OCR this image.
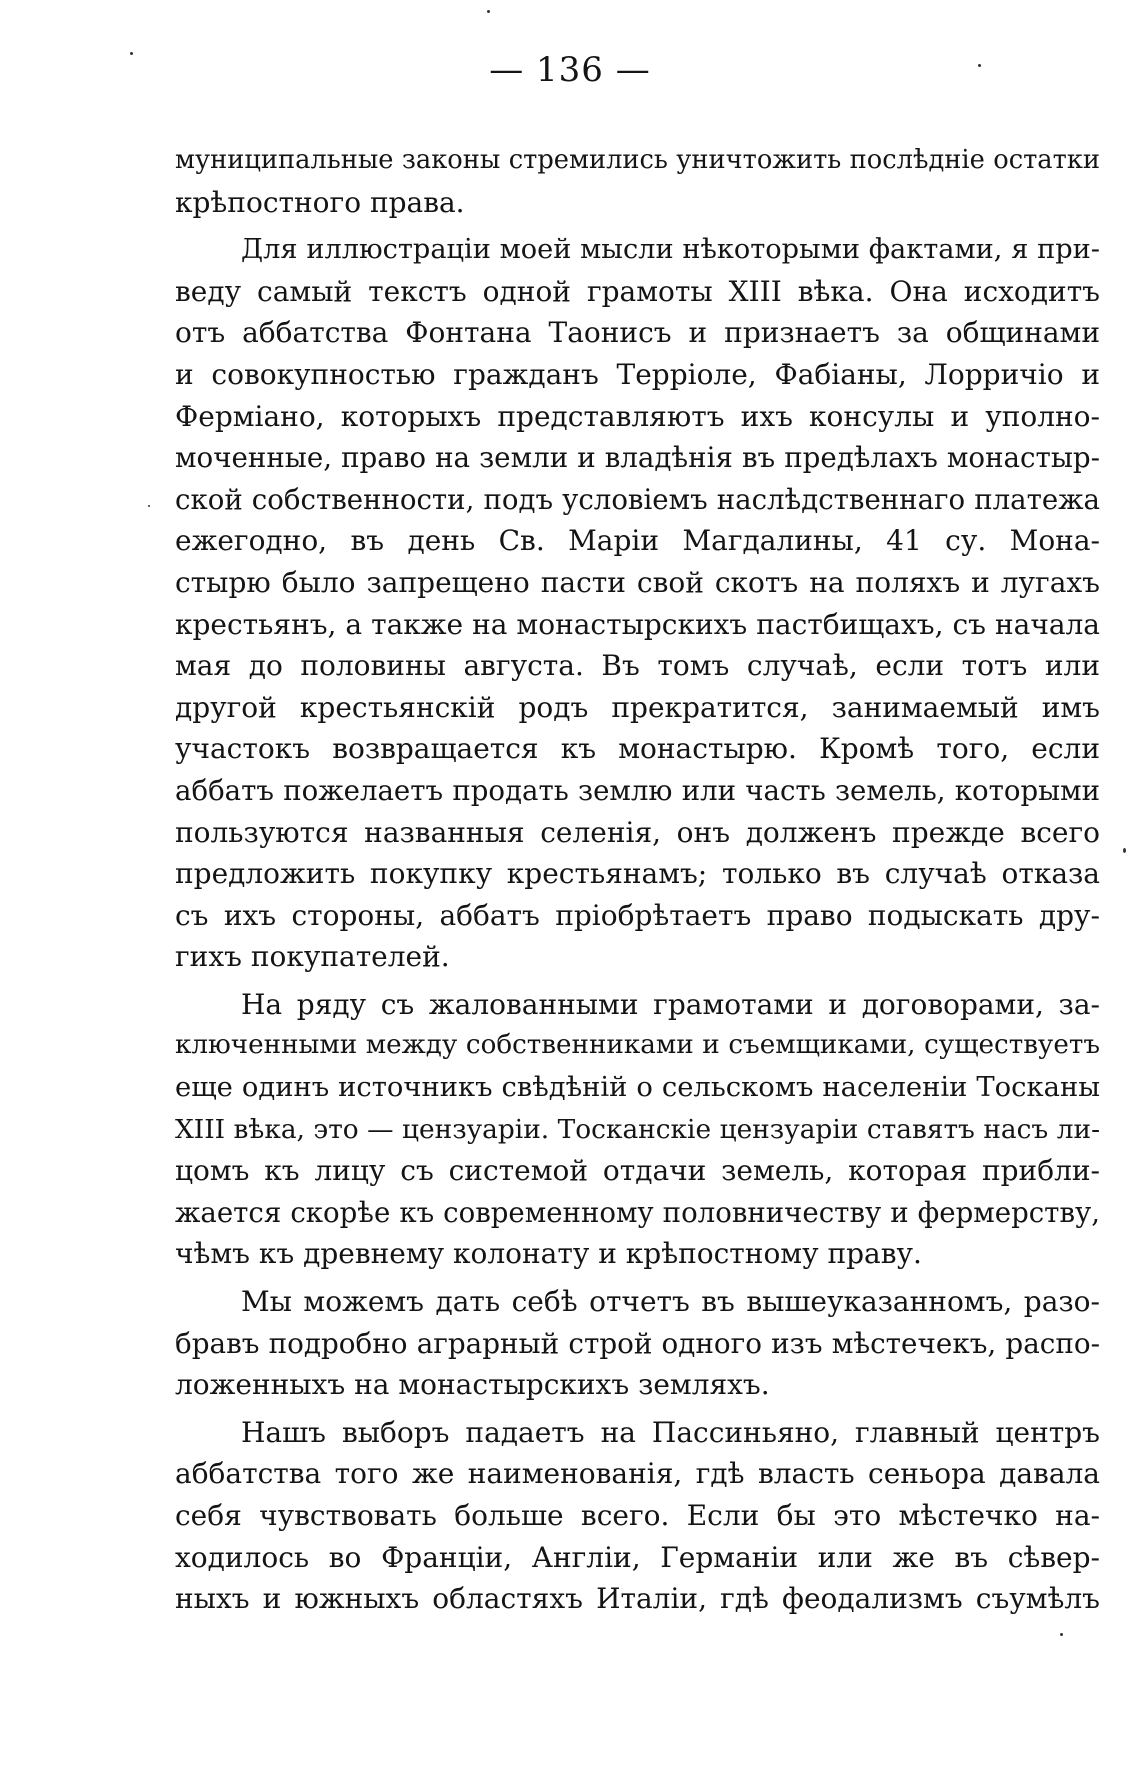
— 136 —
муниципальные законы стремились уничтожить послѣдніе остатки
крѣпостного права.
Для иллюстраціи моей мысли нѣкоторыми фактами, я при-
веду самый текстъ одной грамоты XIII вѣка. Она исходитъ
отъ аббатства Фонтана Таонисъ и признаетъ за общинами
и совокупностью гражданъ Терріоле, Фабіаны, Лорричіо и
Ферміано, которыхъ представляютъ ихъ консулы и уполно-
моченные, право на земли и владѣнія въ предѣлахъ монастыр-
ской собственности, подъ условіемъ наслѣдственнаго платежа
ежегодно, въ день Св. Маріи Магдалины, 41 су. Мона-
стырю было запрещено пасти свой скотъ на поляхъ и лугахъ
крестьянъ, а также на монастырскихъ пастбищахъ, съ начала
мая до половины августа. Въ томъ случаѣ, если тотъ или
другой крестьянскій родъ прекратится, занимаемый имъ
участокъ возвращается къ монастырю. Кромѣ того, если
аббатъ пожелаетъ продать землю или часть земель, которыми
пользуются названныя селенія, онъ долженъ прежде всего
предложить покупку крестьянамъ; только въ случаѣ отказа
съ ихъ стороны, аббатъ пріобрѣтаетъ право подыскать дру-
гихъ покупателей.
На ряду съ жалованными грамотами и договорами, за-
ключенными между собственниками и съемщиками, существуетъ
еще одинъ источникъ свѣдѣній о сельскомъ населеніи Тосканы
XIII вѣка, это — цензуаріи. Тосканскіе цензуаріи ставятъ насъ ли-
цомъ къ лицу съ системой отдачи земель, которая прибли-
жается скорѣе къ современному половничеству и фермерству,
чѣмъ къ древнему колонату и крѣпостному праву.
Мы можемъ дать себѣ отчетъ въ вышеуказанномъ, разо-
бравъ подробно аграрный строй одного изъ мѣстечекъ, распо-
ложенныхъ на монастырскихъ земляхъ.
Нашъ выборъ падаетъ на Пассиньяно, главный центръ
аббатства того же наименованія, гдѣ власть сеньора давала
себя чувствовать больше всего. Если бы это мѣстечко на-
ходилось во Франціи, Англіи, Германіи или же въ сѣвер-
ныхъ и южныхъ областяхъ Италіи, гдѣ феодализмъ съумѣлъ
